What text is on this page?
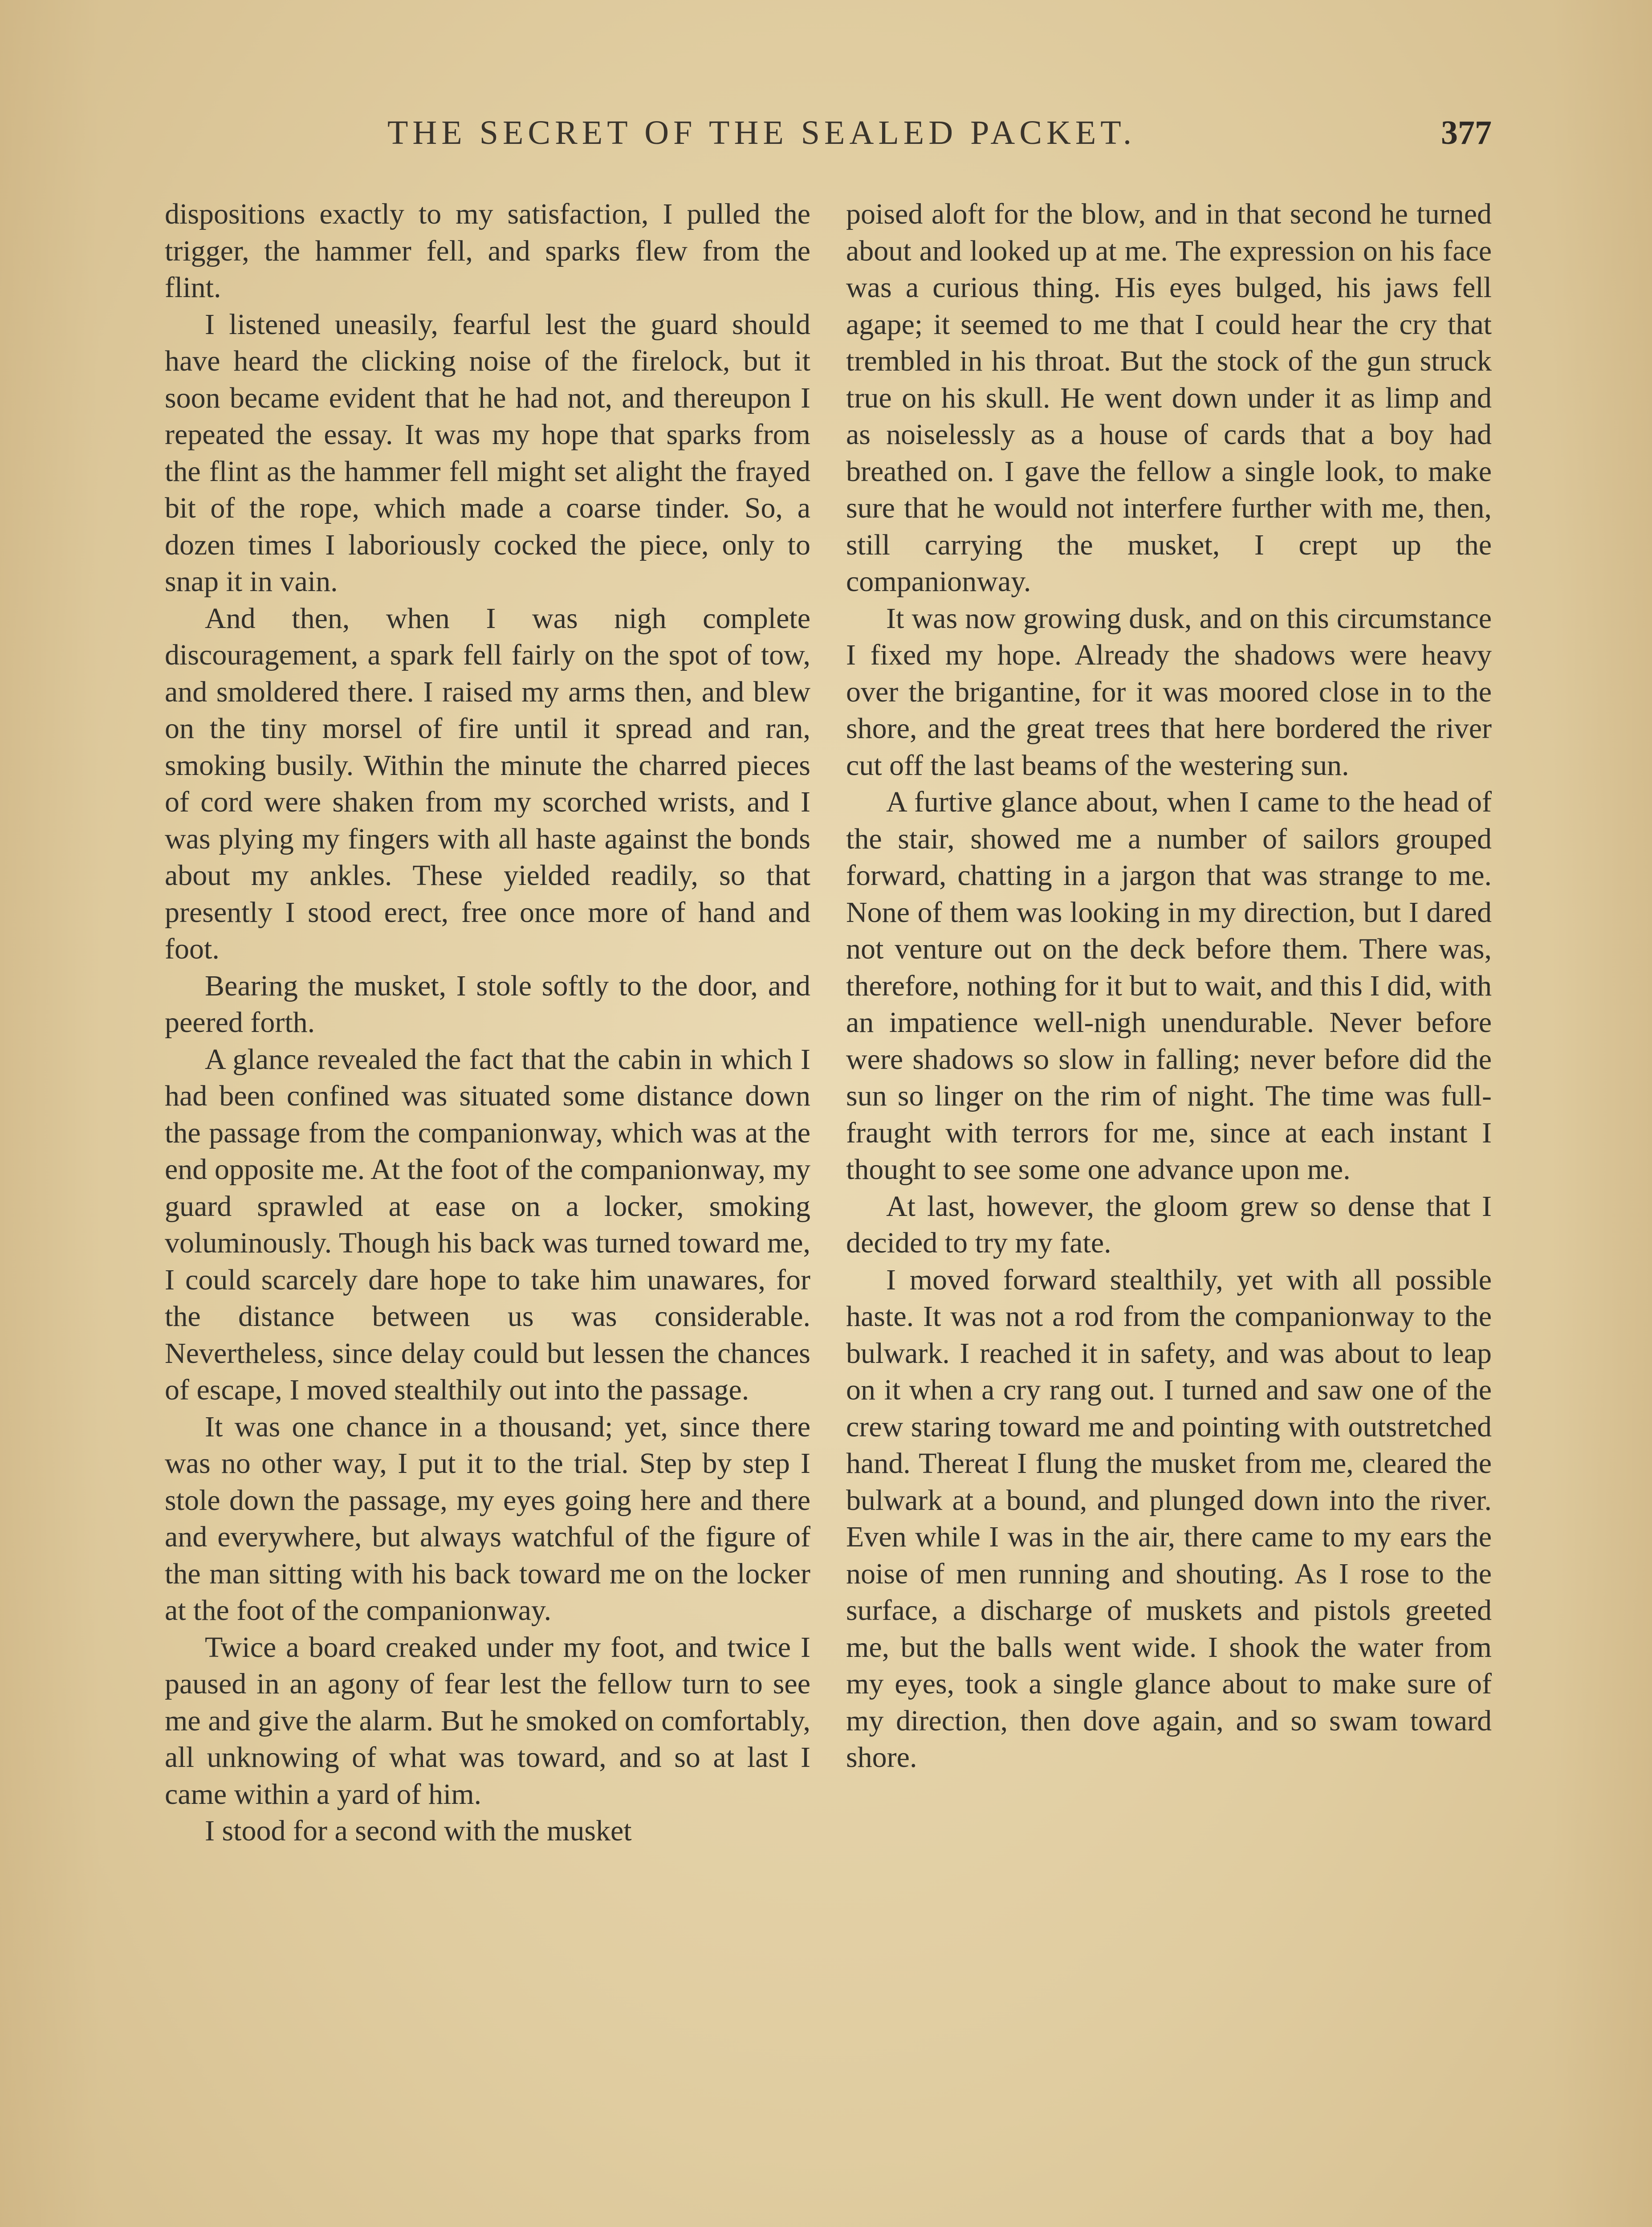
THE SECRET OF THE SEALED PACKET.	377

dispositions exactly to my satisfaction, I pulled the trigger, the hammer fell, and sparks flew from the flint.

I listened uneasily, fearful lest the guard should have heard the clicking noise of the firelock, but it soon became evident that he had not, and thereupon I repeated the essay. It was my hope that sparks from the flint as the hammer fell might set alight the frayed bit of the rope, which made a coarse tinder. So, a dozen times I laboriously cocked the piece, only to snap it in vain.

And then, when I was nigh complete discouragement, a spark fell fairly on the spot of tow, and smoldered there. I raised my arms then, and blew on the tiny morsel of fire until it spread and ran, smoking busily. Within the minute the charred pieces of cord were shaken from my scorched wrists, and I was plying my fingers with all haste against the bonds about my ankles. These yielded readily, so that presently I stood erect, free once more of hand and foot.

Bearing the musket, I stole softly to the door, and peered forth.

A glance revealed the fact that the cabin in which I had been confined was situated some distance down the passage from the companionway, which was at the end opposite me. At the foot of the companionway, my guard sprawled at ease on a locker, smoking voluminously. Though his back was turned toward me, I could scarcely dare hope to take him unawares, for the distance between us was considerable. Nevertheless, since delay could but lessen the chances of escape, I moved stealthily out into the passage.

It was one chance in a thousand; yet, since there was no other way, I put it to the trial. Step by step I stole down the passage, my eyes going here and there and everywhere, but always watchful of the figure of the man sitting with his back toward me on the locker at the foot of the companionway.

Twice a board creaked under my foot, and twice I paused in an agony of fear lest the fellow turn to see me and give the alarm. But he smoked on comfortably, all unknowing of what was toward, and so at last I came within a yard of him.

I stood for a second with the musket

poised aloft for the blow, and in that second he turned about and looked up at me. The expression on his face was a curious thing. His eyes bulged, his jaws fell agape; it seemed to me that I could hear the cry that trembled in his throat. But the stock of the gun struck true on his skull. He went down under it as limp and as noiselessly as a house of cards that a boy had breathed on. I gave the fellow a single look, to make sure that he would not interfere further with me, then, still carrying the musket, I crept up the companionway.

It was now growing dusk, and on this circumstance I fixed my hope. Already the shadows were heavy over the brigantine, for it was moored close in to the shore, and the great trees that here bordered the river cut off the last beams of the westering sun.

A furtive glance about, when I came to the head of the stair, showed me a number of sailors grouped forward, chatting in a jargon that was strange to me. None of them was looking in my direction, but I dared not venture out on the deck before them. There was, therefore, nothing for it but to wait, and this I did, with an impatience well-nigh unendurable. Never before were shadows so slow in falling; never before did the sun so linger on the rim of night. The time was full-fraught with terrors for me, since at each instant I thought to see some one advance upon me.

At last, however, the gloom grew so dense that I decided to try my fate.

I moved forward stealthily, yet with all possible haste. It was not a rod from the companionway to the bulwark. I reached it in safety, and was about to leap on it when a cry rang out. I turned and saw one of the crew staring toward me and pointing with outstretched hand. Thereat I flung the musket from me, cleared the bulwark at a bound, and plunged down into the river. Even while I was in the air, there came to my ears the noise of men running and shouting. As I rose to the surface, a discharge of muskets and pistols greeted me, but the balls went wide. I shook the water from my eyes, took a single glance about to make sure of my direction, then dove again, and so swam toward shore.
